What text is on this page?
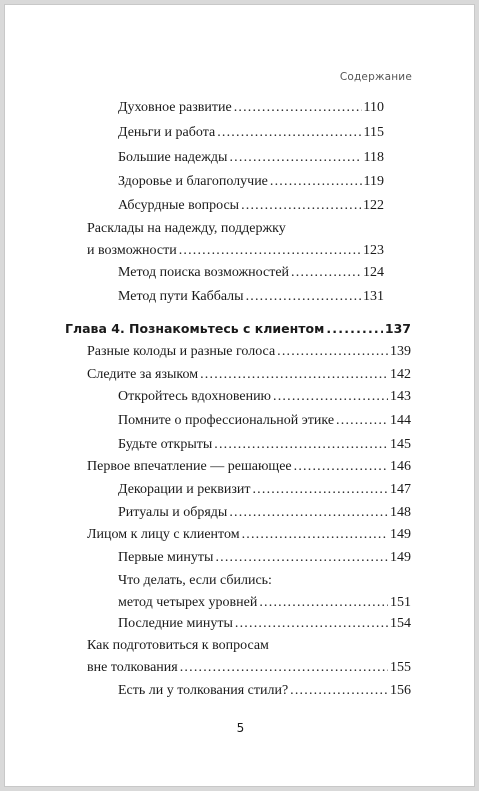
Содержание
Духовное развитие .....	110
Деньги и работа .....	115
Большие надежды .....	118
Здоровье и благополучие .....	119
Абсурдные вопросы .....	122
Расклады на надежду, поддержку
и возможности .....	123
Метод поиска возможностей .....	124
Метод пути Каббалы .....	131
Глава 4. Познакомьтесь с клиентом .....	137
Разные колоды и разные голоса .....	139
Следите за языком .....	142
Откройтесь вдохновению .....	143
Помните о профессиональной этике .....	144
Будьте открыты .....	145
Первое впечатление — решающее .....	146
Декорации и реквизит .....	147
Ритуалы и обряды .....	148
Лицом к лицу с клиентом .....	149
Первые минуты .....	149
Что делать, если сбились:
метод четырех уровней .....	151
Последние минуты .....	154
Как подготовиться к вопросам
вне толкования .....	155
Есть ли у толкования стили? .....	156
5
